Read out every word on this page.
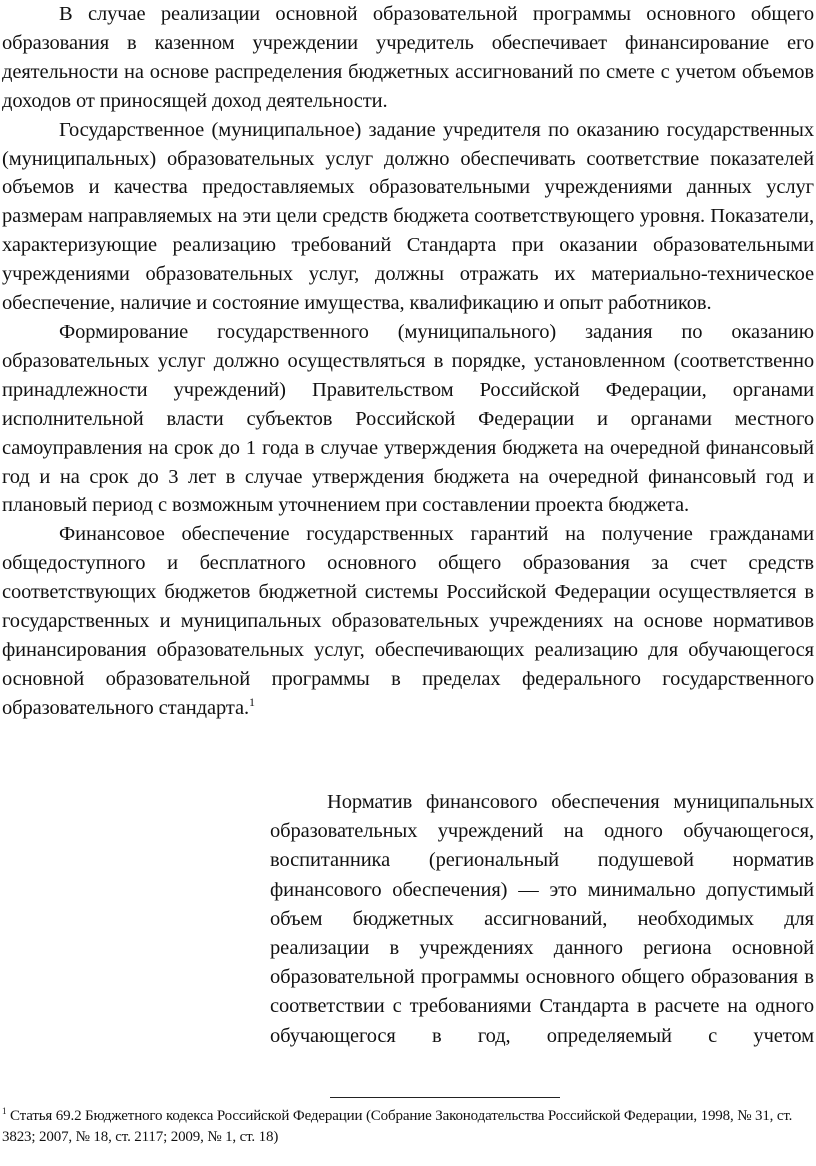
В случае реализации основной образовательной программы основного общего образования в казенном учреждении учредитель обеспечивает финансирование его деятельности на основе распределения бюджетных ассигнований по смете с учетом объемов доходов от приносящей доход деятельности.

Государственное (муниципальное) задание учредителя по оказанию государственных (муниципальных) образовательных услуг должно обеспечивать соответствие показателей объемов и качества предоставляемых образовательными учреждениями данных услуг размерам направляемых на эти цели средств бюджета соответствующего уровня. Показатели, характеризующие реализацию требований Стандарта при оказании образовательными учреждениями образовательных услуг, должны отражать их материально-техническое обеспечение, наличие и состояние имущества, квалификацию и опыт работников.

Формирование государственного (муниципального) задания по оказанию образовательных услуг должно осуществляться в порядке, установленном (соответственно принадлежности учреждений) Правительством Российской Федерации, органами исполнительной власти субъектов Российской Федерации и органами местного самоуправления на срок до 1 года в случае утверждения бюджета на очередной финансовый год и на срок до 3 лет в случае утверждения бюджета на очередной финансовый год и плановый период с возможным уточнением при составлении проекта бюджета.

Финансовое обеспечение государственных гарантий на получение гражданами общедоступного и бесплатного основного общего образования за счет средств соответствующих бюджетов бюджетной системы Российской Федерации осуществляется в государственных и муниципальных образовательных учреждениях на основе нормативов финансирования образовательных услуг, обеспечивающих реализацию для обучающегося основной образовательной программы в пределах федерального государственного образовательного стандарта.$^1$

Норматив финансового обеспечения муниципальных образовательных учреждений на одного обучающегося, воспитанника (региональный подушевой норматив финансового обеспечения) — это минимально допустимый объем бюджетных ассигнований, необходимых для реализации в учреждениях данного региона основной образовательной программы основного общего образования в соответствии с требованиями Стандарта в расчете на одного обучающегося в год, определяемый с учетом

$^1$ Статья 69.2 Бюджетного кодекса Российской Федерации (Собрание Законодательства Российской Федерации, 1998, № 31, ст. 3823; 2007, № 18, ст. 2117; 2009, № 1, ст. 18)
